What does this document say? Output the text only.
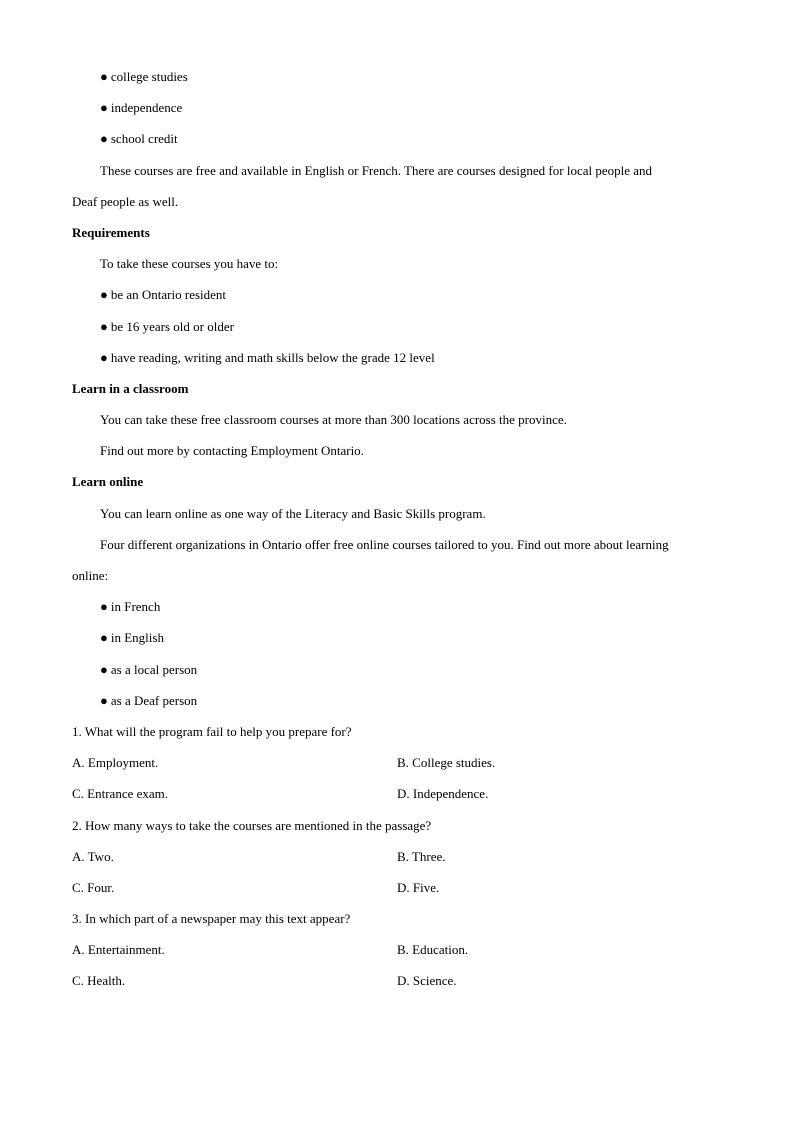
● college studies
● independence
● school credit
These courses are free and available in English or French. There are courses designed for local people and
Deaf people as well.
Requirements
To take these courses you have to:
● be an Ontario resident
● be 16 years old or older
● have reading, writing and math skills below the grade 12 level
Learn in a classroom
You can take these free classroom courses at more than 300 locations across the province.
Find out more by contacting Employment Ontario.
Learn online
You can learn online as one way of the Literacy and Basic Skills program.
Four different organizations in Ontario offer free online courses tailored to you. Find out more about learning
online:
● in French
● in English
● as a local person
● as a Deaf person
1. What will the program fail to help you prepare for?
A. Employment.	B. College studies.
C. Entrance exam.	D. Independence.
2. How many ways to take the courses are mentioned in the passage?
A. Two.	B. Three.
C. Four.	D. Five.
3. In which part of a newspaper may this text appear?
A. Entertainment.	B. Education.
C. Health.	D. Science.
